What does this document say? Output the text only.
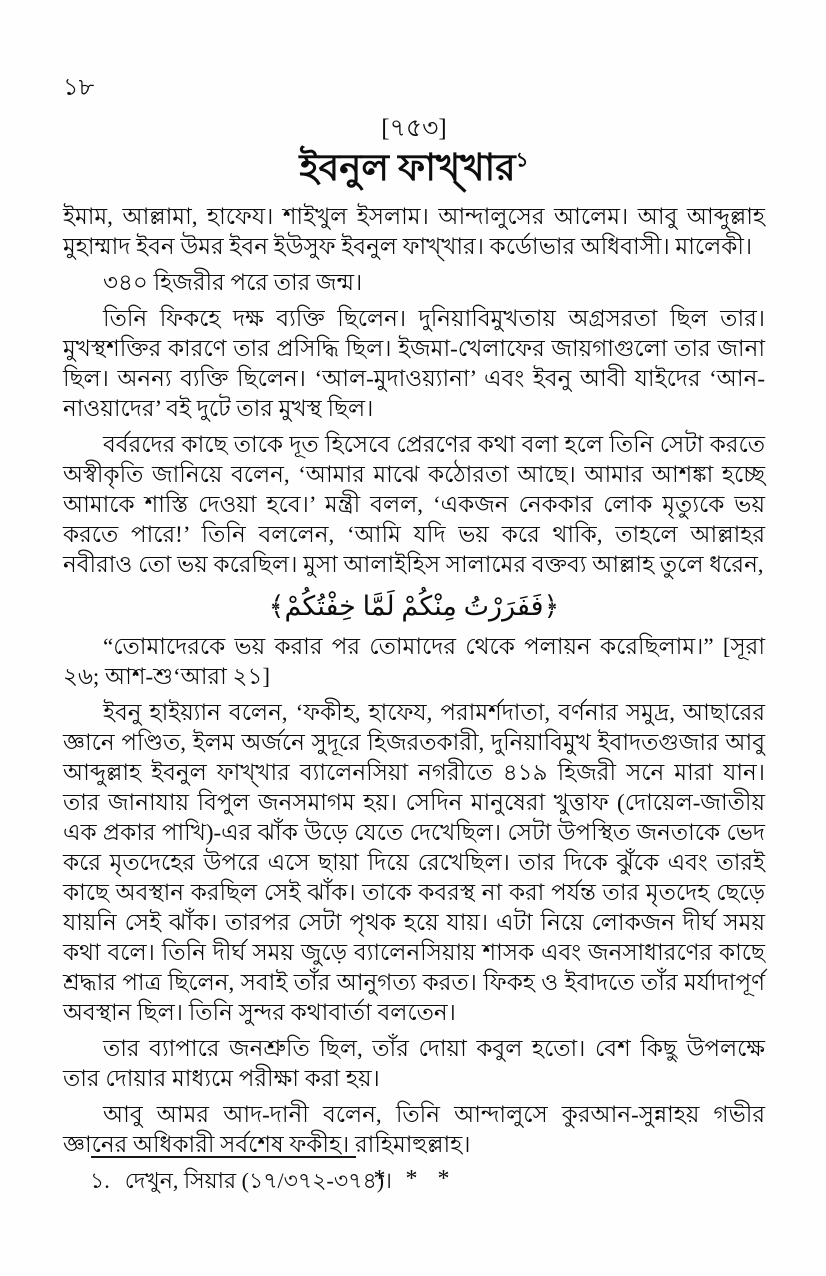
১৮
[৭৫৩]
ইবনুল ফাখ্খার$^১$

ইমাম, আল্লামা, হাফেয। শাইখুল ইসলাম। আন্দালুসের আলেম। আবু আব্দুল্লাহ মুহাম্মাদ ইবন উমর ইবন ইউসুফ ইবনুল ফাখ্খার। কর্ডোভার অধিবাসী। মালেকী।

৩৪০ হিজরীর পরে তার জন্ম।

তিনি ফিকহে দক্ষ ব্যক্তি ছিলেন। দুনিয়াবিমুখতায় অগ্রসরতা ছিল তার। মুখস্থশক্তির কারণে তার প্রসিদ্ধি ছিল। ইজমা-খেলাফের জায়গাগুলো তার জানা ছিল। অনন্য ব্যক্তি ছিলেন। ‘আল-মুদাওয়্যানা’ এবং ইবনু আবী যাইদের ‘আন-নাওয়াদের’ বই দুটে তার মুখস্থ ছিল।

বর্বরদের কাছে তাকে দূত হিসেবে প্রেরণের কথা বলা হলে তিনি সেটা করতে অস্বীকৃতি জানিয়ে বলেন, ‘আমার মাঝে কঠোরতা আছে। আমার আশঙ্কা হচ্ছে আমাকে শাস্তি দেওয়া হবে।’ মন্ত্রী বলল, ‘একজন নেককার লোক মৃত্যুকে ভয় করতে পারে!’ তিনি বললেন, ‘আমি যদি ভয় করে থাকি, তাহলে আল্লাহর নবীরাও তো ভয় করেছিল। মুসা আলাইহিস সালামের বক্তব্য আল্লাহ তুলে ধরেন,

﴿فَفَرَرْتُ مِنْكُمْ لَمَّا خِفْتُكُمْ﴾

“তোমাদেরকে ভয় করার পর তোমাদের থেকে পলায়ন করেছিলাম।” [সূরা ২৬; আশ-শু‘আরা ২১]

ইবনু হাইয়্যান বলেন, ‘ফকীহ, হাফেয, পরামর্শদাতা, বর্ণনার সমুদ্র, আছারের জ্ঞানে পণ্ডিত, ইলম অর্জনে সুদূরে হিজরতকারী, দুনিয়াবিমুখ ইবাদতগুজার আবু আব্দুল্লাহ ইবনুল ফাখ্খার ব্যালেনসিয়া নগরীতে ৪১৯ হিজরী সনে মারা যান। তার জানাযায় বিপুল জনসমাগম হয়। সেদিন মানুষেরা খুত্তাফ (দোয়েল-জাতীয় এক প্রকার পাখি)-এর ঝাঁক উড়ে যেতে দেখেছিল। সেটা উপস্থিত জনতাকে ভেদ করে মৃতদেহের উপরে এসে ছায়া দিয়ে রেখেছিল। তার দিকে ঝুঁকে এবং তারই কাছে অবস্থান করছিল সেই ঝাঁক। তাকে কবরস্থ না করা পর্যন্ত তার মৃতদেহ ছেড়ে যায়নি সেই ঝাঁক। তারপর সেটা পৃথক হয়ে যায়। এটা নিয়ে লোকজন দীর্ঘ সময় কথা বলে। তিনি দীর্ঘ সময় জুড়ে ব্যালেনসিয়ায় শাসক এবং জনসাধারণের কাছে শ্রদ্ধার পাত্র ছিলেন, সবাই তাঁর আনুগত্য করত। ফিকহ ও ইবাদতে তাঁর মর্যাদাপূর্ণ অবস্থান ছিল। তিনি সুন্দর কথাবার্তা বলতেন।

তার ব্যাপারে জনশ্রুতি ছিল, তাঁর দোয়া কবুল হতো। বেশ কিছু উপলক্ষে তার দোয়ার মাধ্যমে পরীক্ষা করা হয়।

আবু আমর আদ-দানী বলেন, তিনি আন্দালুসে কুরআন-সুন্নাহয় গভীর জ্ঞানের অধিকারী সর্বশেষ ফকীহ। রাহিমাহুল্লাহ।

* * *
১. দেখুন, সিয়ার (১৭/৩৭২-৩৭৪)।
